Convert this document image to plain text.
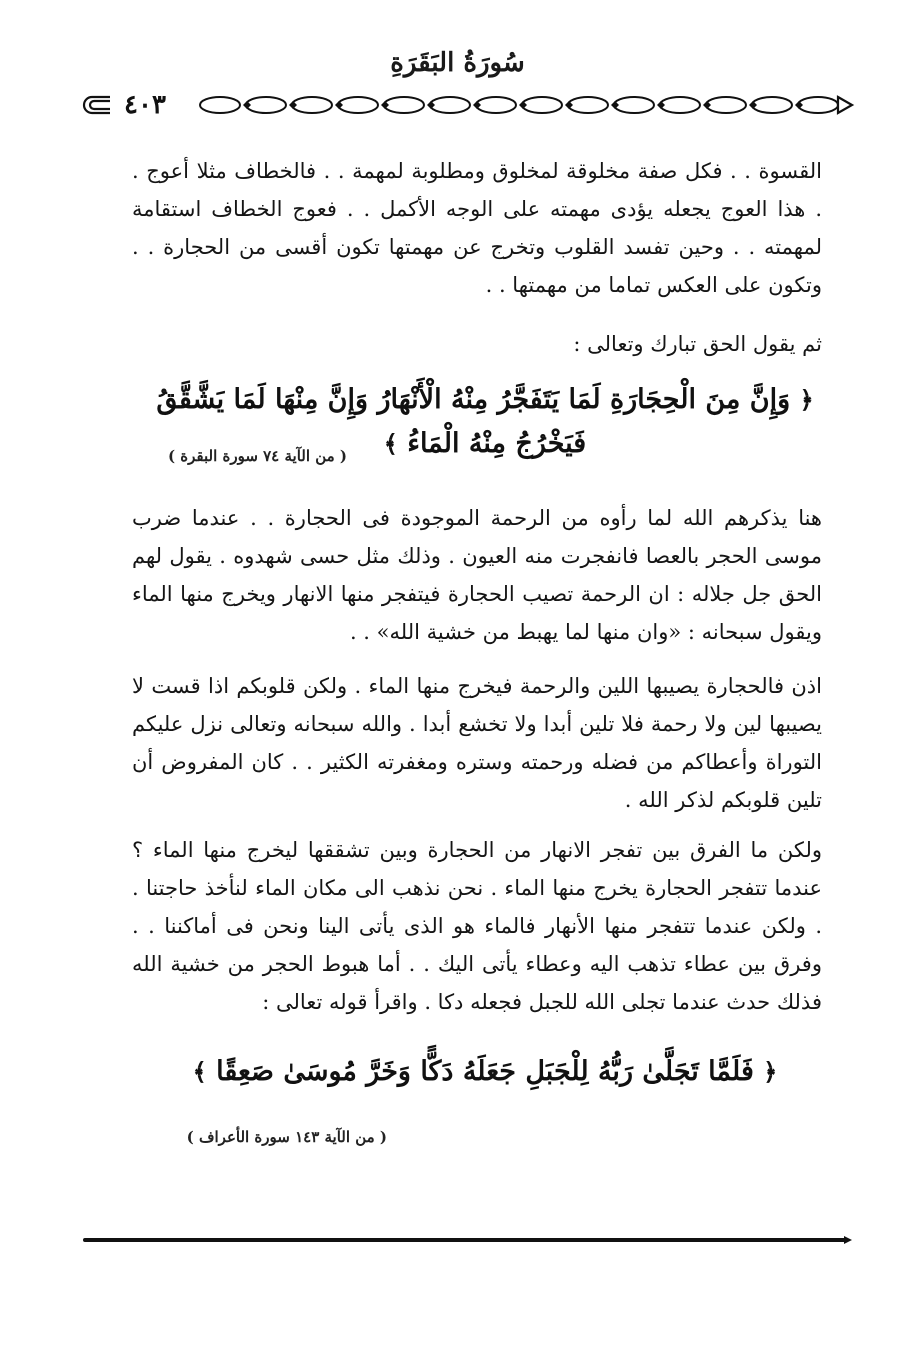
سُورَةُ البَقَرَةِ
٤٠٣
القسوة . . فكل صفة مخلوقة لمخلوق ومطلوبة لمهمة . . فالخطاف مثلا أعوج . . هذا العوج يجعله يؤدى مهمته على الوجه الأكمل . . فعوج الخطاف استقامة لمهمته . . وحين تفسد القلوب وتخرج عن مهمتها تكون أقسى من الحجارة . . وتكون على العكس تماما من مهمتها . .
ثم يقول الحق تبارك وتعالى :
﴿ وَإِنَّ مِنَ الْحِجَارَةِ لَمَا يَتَفَجَّرُ مِنْهُ الْأَنْهَارُ وَإِنَّ مِنْهَا لَمَا يَشَّقَّقُ فَيَخْرُجُ مِنْهُ الْمَاءُ ﴾
( من الآية ٧٤ سورة البقرة )
هنا يذكرهم الله لما رأوه من الرحمة الموجودة فى الحجارة . . عندما ضرب موسى الحجر بالعصا فانفجرت منه العيون . وذلك مثل حسى شهدوه . يقول لهم الحق جل جلاله : ان الرحمة تصيب الحجارة فيتفجر منها الانهار ويخرج منها الماء ويقول سبحانه : «وان منها لما يهبط من خشية الله» . .
اذن فالحجارة يصيبها اللين والرحمة فيخرج منها الماء . ولكن قلوبكم اذا قست لا يصيبها لين ولا رحمة فلا تلين أبدا ولا تخشع أبدا . والله سبحانه وتعالى نزل عليكم التوراة وأعطاكم من فضله ورحمته وستره ومغفرته الكثير . . كان المفروض أن تلين قلوبكم لذكر الله .
ولكن ما الفرق بين تفجر الانهار من الحجارة وبين تشققها ليخرج منها الماء ؟ عندما تتفجر الحجارة يخرج منها الماء . نحن نذهب الى مكان الماء لنأخذ حاجتنا . . ولكن عندما تتفجر منها الأنهار فالماء هو الذى يأتى الينا ونحن فى أماكننا . . وفرق بين عطاء تذهب اليه وعطاء يأتى اليك . . أما هبوط الحجر من خشية الله فذلك حدث عندما تجلى الله للجبل فجعله دكا . واقرأ قوله تعالى :
﴿ فَلَمَّا تَجَلَّىٰ رَبُّهُ لِلْجَبَلِ جَعَلَهُ دَكًّا وَخَرَّ مُوسَىٰ صَعِقًا ﴾
( من الآية ١٤٣ سورة الأعراف )
